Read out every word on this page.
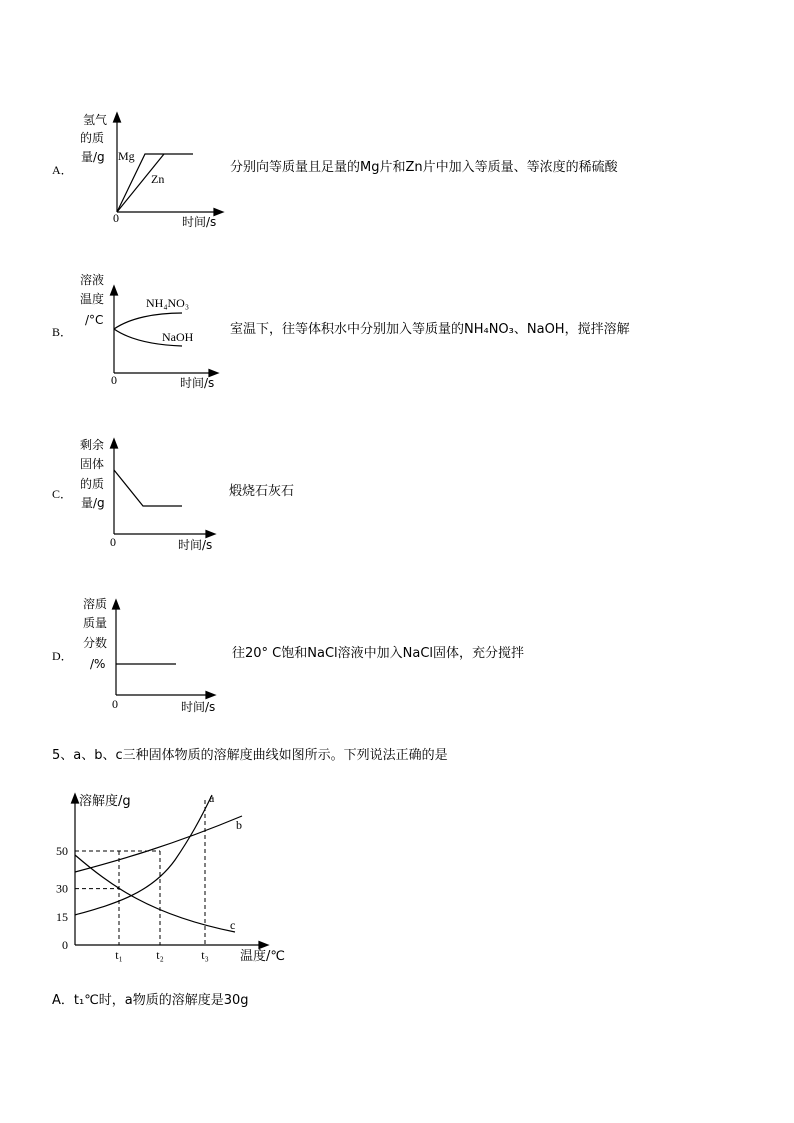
0
15
30
50
t₁	t₂	t₃
a
b
c
A．
氢气
的质
量/g Mg
Zn
0	时间/s
分别向等质量且足量的Mg片和Zn片中加入等质量、等浓度的稀硫酸
B．
溶液
温度
/°C
NH₄NO₃
NaOH
0	时间/s
室温下，往等体积水中分别加入等质量的NH₄NO₃、NaOH，搅拌溶解
C．
剩余
固体
的质
量/g
0	时间/s
煅烧石灰石
D．
溶质
质量
分数
/%
0	时间/s
往20° C饱和NaCl溶液中加入NaCl固体，充分搅拌
5、a、b、c三种固体物质的溶解度曲线如图所示。下列说法正确的是
溶解度/g
温度/℃
A．t₁℃时，a物质的溶解度是30g
